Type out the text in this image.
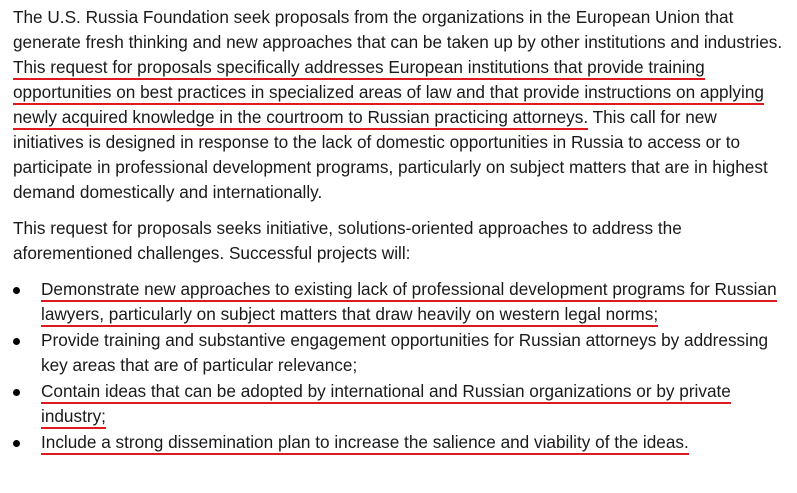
The U.S. Russia Foundation seek proposals from the organizations in the European Union that generate fresh thinking and new approaches that can be taken up by other institutions and industries. This request for proposals specifically addresses European institutions that provide training opportunities on best practices in specialized areas of law and that provide instructions on applying newly acquired knowledge in the courtroom to Russian practicing attorneys. This call for new initiatives is designed in response to the lack of domestic opportunities in Russia to access or to participate in professional development programs, particularly on subject matters that are in highest demand domestically and internationally.

This request for proposals seeks initiative, solutions-oriented approaches to address the aforementioned challenges. Successful projects will:

Demonstrate new approaches to existing lack of professional development programs for Russian lawyers, particularly on subject matters that draw heavily on western legal norms;
Provide training and substantive engagement opportunities for Russian attorneys by addressing key areas that are of particular relevance;
Contain ideas that can be adopted by international and Russian organizations or by private industry;
Include a strong dissemination plan to increase the salience and viability of the ideas.
